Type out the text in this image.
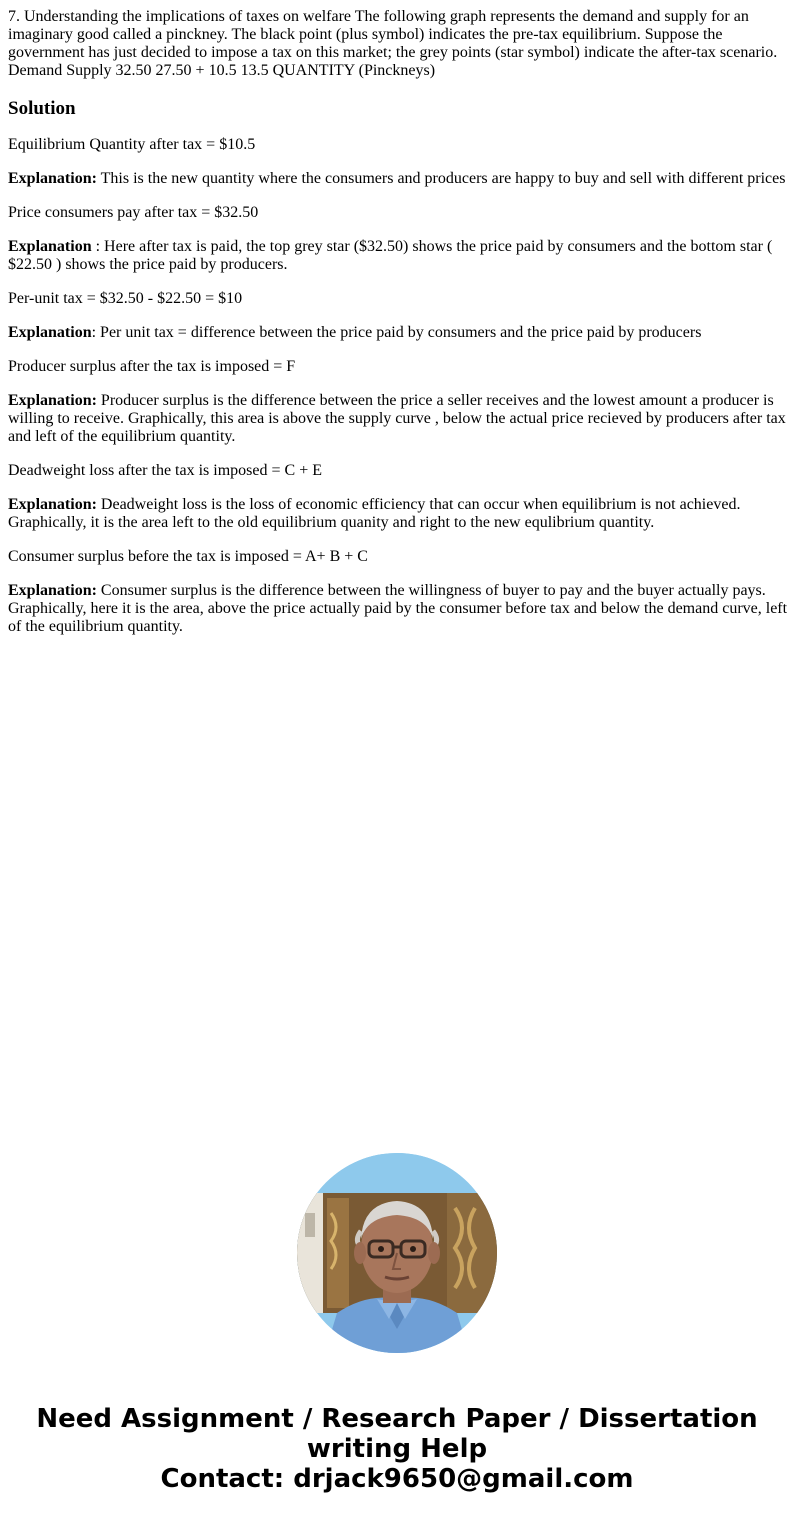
7. Understanding the implications of taxes on welfare The following graph represents the demand and supply for an imaginary good called a pinckney. The black point (plus symbol) indicates the pre-tax equilibrium. Suppose the government has just decided to impose a tax on this market; the grey points (star symbol) indicate the after-tax scenario. Demand Supply 32.50 27.50 + 10.5 13.5 QUANTITY (Pinckneys)
Solution

Equilibrium Quantity after tax = $10.5

Explanation: This is the new quantity where the consumers and producers are happy to buy and sell with different prices

Price consumers pay after tax = $32.50

Explanation : Here after tax is paid, the top grey star ($32.50) shows the price paid by consumers and the bottom star ( $22.50 ) shows the price paid by producers.

Per-unit tax = $32.50 - $22.50 = $10

Explanation: Per unit tax = difference between the price paid by consumers and the price paid by producers

Producer surplus after the tax is imposed = F

Explanation: Producer surplus is the difference between the price a seller receives and the lowest amount a producer is willing to receive. Graphically, this area is above the supply curve , below the actual price recieved by producers after tax and left of the equilibrium quantity.

Deadweight loss after the tax is imposed = C + E

Explanation: Deadweight loss is the loss of economic efficiency that can occur when equilibrium is not achieved. Graphically, it is the area left to the old equilibrium quanity and right to the new equlibrium quantity.

Consumer surplus before the tax is imposed = A+ B + C

Explanation: Consumer surplus is the difference between the willingness of buyer to pay and the buyer actually pays. Graphically, here it is the area, above the price actually paid by the consumer before tax and below the demand curve, left of the equilibrium quantity.

Need Assignment / Research Paper / Dissertation
writing Help
Contact: drjack9650@gmail.com
